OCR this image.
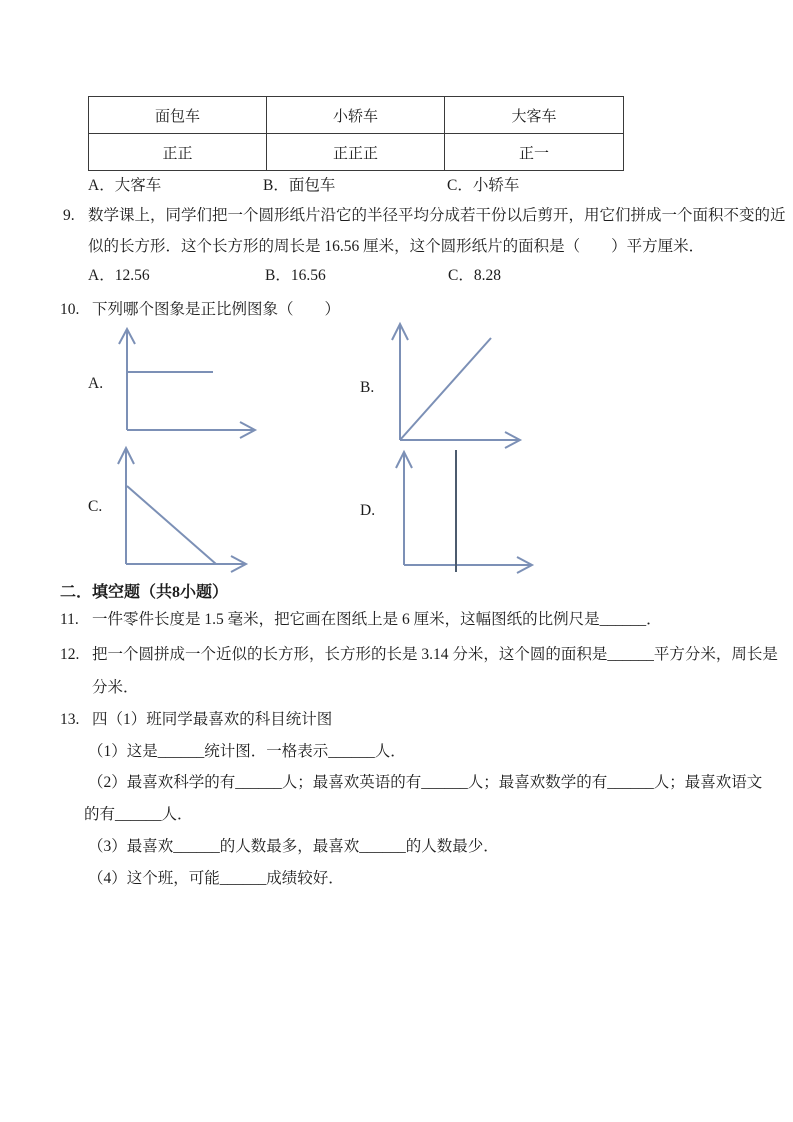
面包车	小轿车	大客车
正正	正正正	正一
A．大客车	B．面包车	C．小轿车
9. 数学课上，同学们把一个圆形纸片沿它的半径平均分成若干份以后剪开，用它们拼成一个面积不变的近
似的长方形．这个长方形的周长是 16.56 厘米，这个圆形纸片的面积是（　　）平方厘米．
A．12.56	B．16.56	C．8.28
10. 下列哪个图象是正比例图象（　　）
A.	B.
C.	D.
二．填空题（共8小题）
11. 一件零件长度是 1.5 毫米，把它画在图纸上是 6 厘米，这幅图纸的比例尺是______．
12. 把一个圆拼成一个近似的长方形，长方形的长是 3.14 分米，这个圆的面积是______平方分米，周长是
分米．
13. 四（1）班同学最喜欢的科目统计图
（1）这是______统计图．一格表示______人．
（2）最喜欢科学的有______人；最喜欢英语的有______人；最喜欢数学的有______人；最喜欢语文
的有______人．
（3）最喜欢______的人数最多，最喜欢______的人数最少．
（4）这个班，可能______成绩较好．
